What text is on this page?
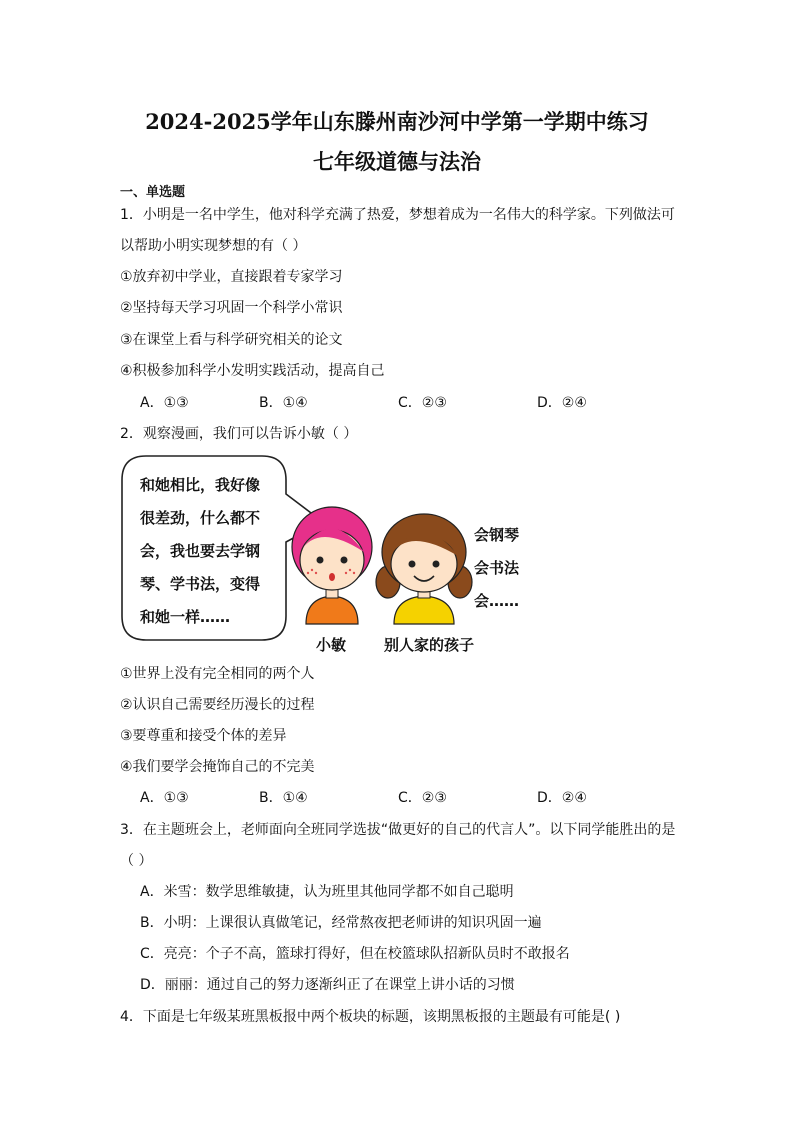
2024-2025学年山东滕州南沙河中学第一学期中练习
七年级道德与法治
一、单选题
1．小明是一名中学生，他对科学充满了热爱，梦想着成为一名伟大的科学家。下列做法可
以帮助小明实现梦想的有（ ）
①放弃初中学业，直接跟着专家学习
②坚持每天学习巩固一个科学小常识
③在课堂上看与科学研究相关的论文
④积极参加科学小发明实践活动，提高自己
A．①③	B．①④	C．②③	D．②④
2．观察漫画，我们可以告诉小敏（ ）
和她相比，我好像
很差劲，什么都不
会，我也要去学钢
琴、学书法，变得
和她一样……
会钢琴
会书法
会……
小敏	别人家的孩子
①世界上没有完全相同的两个人
②认识自己需要经历漫长的过程
③要尊重和接受个体的差异
④我们要学会掩饰自己的不完美
A．①③	B．①④	C．②③	D．②④
3．在主题班会上，老师面向全班同学选拔“做更好的自己的代言人”。以下同学能胜出的是
（ ）
A．米雪：数学思维敏捷，认为班里其他同学都不如自己聪明
B．小明：上课很认真做笔记，经常熬夜把老师讲的知识巩固一遍
C．亮亮：个子不高，篮球打得好，但在校篮球队招新队员时不敢报名
D．丽丽：通过自己的努力逐渐纠正了在课堂上讲小话的习惯
4．下面是七年级某班黑板报中两个板块的标题，该期黑板报的主题最有可能是( )
